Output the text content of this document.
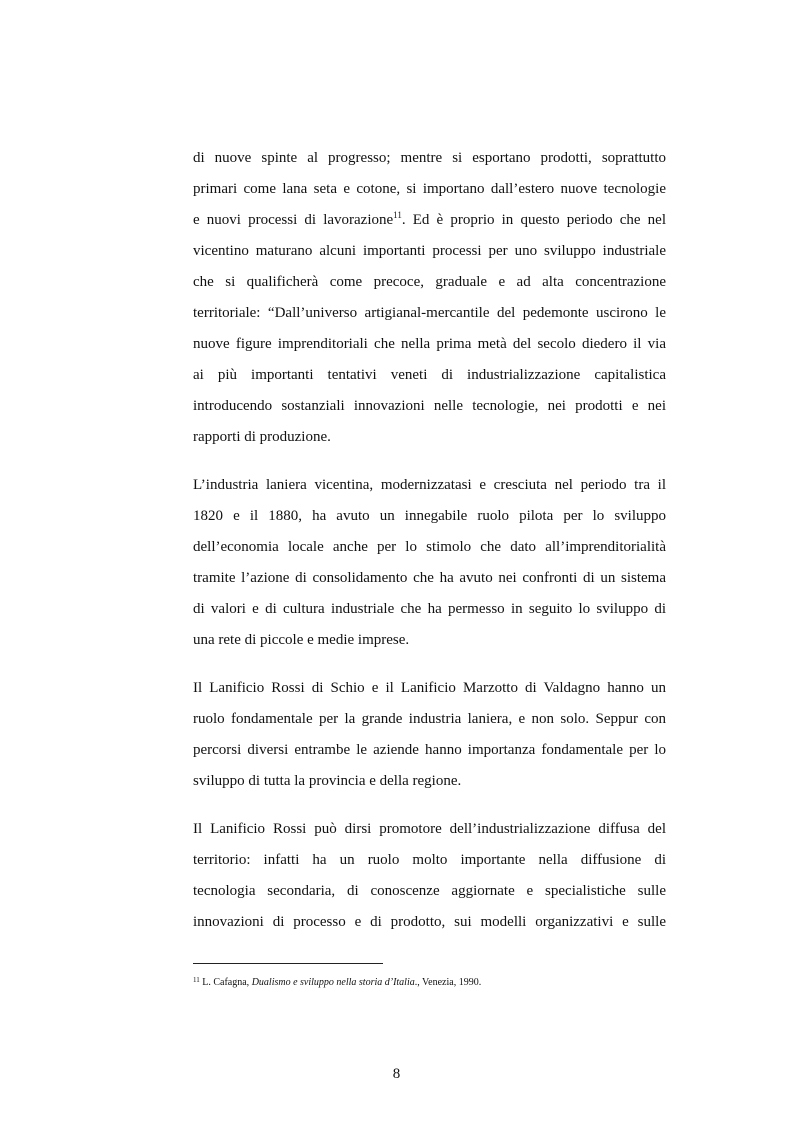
di nuove spinte al progresso; mentre si esportano prodotti, soprattutto
primari come lana seta e cotone, si importano dall’estero nuove tecnologie
e nuovi processi di lavorazione$^{11}$. Ed è proprio in questo periodo che nel
vicentino maturano alcuni importanti processi per uno sviluppo industriale
che si qualificherà come precoce, graduale e ad alta concentrazione
territoriale: “Dall’universo artigianal-mercantile del pedemonte uscirono le
nuove figure imprenditoriali che nella prima metà del secolo diedero il via
ai più importanti tentativi veneti di industrializzazione capitalistica
introducendo sostanziali innovazioni nelle tecnologie, nei prodotti e nei
rapporti di produzione.

L’industria laniera vicentina, modernizzatasi e cresciuta nel periodo tra il
1820 e il 1880, ha avuto un innegabile ruolo pilota per lo sviluppo
dell’economia locale anche per lo stimolo che dato all’imprenditorialità
tramite l’azione di consolidamento che ha avuto nei confronti di un sistema
di valori e di cultura industriale che ha permesso in seguito lo sviluppo di
una rete di piccole e medie imprese.

Il Lanificio Rossi di Schio e il Lanificio Marzotto di Valdagno hanno un
ruolo fondamentale per la grande industria laniera, e non solo. Seppur con
percorsi diversi entrambe le aziende hanno importanza fondamentale per lo
sviluppo di tutta la provincia e della regione.

Il Lanificio Rossi può dirsi promotore dell’industrializzazione diffusa del
territorio: infatti ha un ruolo molto importante nella diffusione di
tecnologia secondaria, di conoscenze aggiornate e specialistiche sulle
innovazioni di processo e di prodotto, sui modelli organizzativi e sulle

$^{11}$ L. Cafagna, Dualismo e sviluppo nella storia d’Italia., Venezia, 1990.
8
